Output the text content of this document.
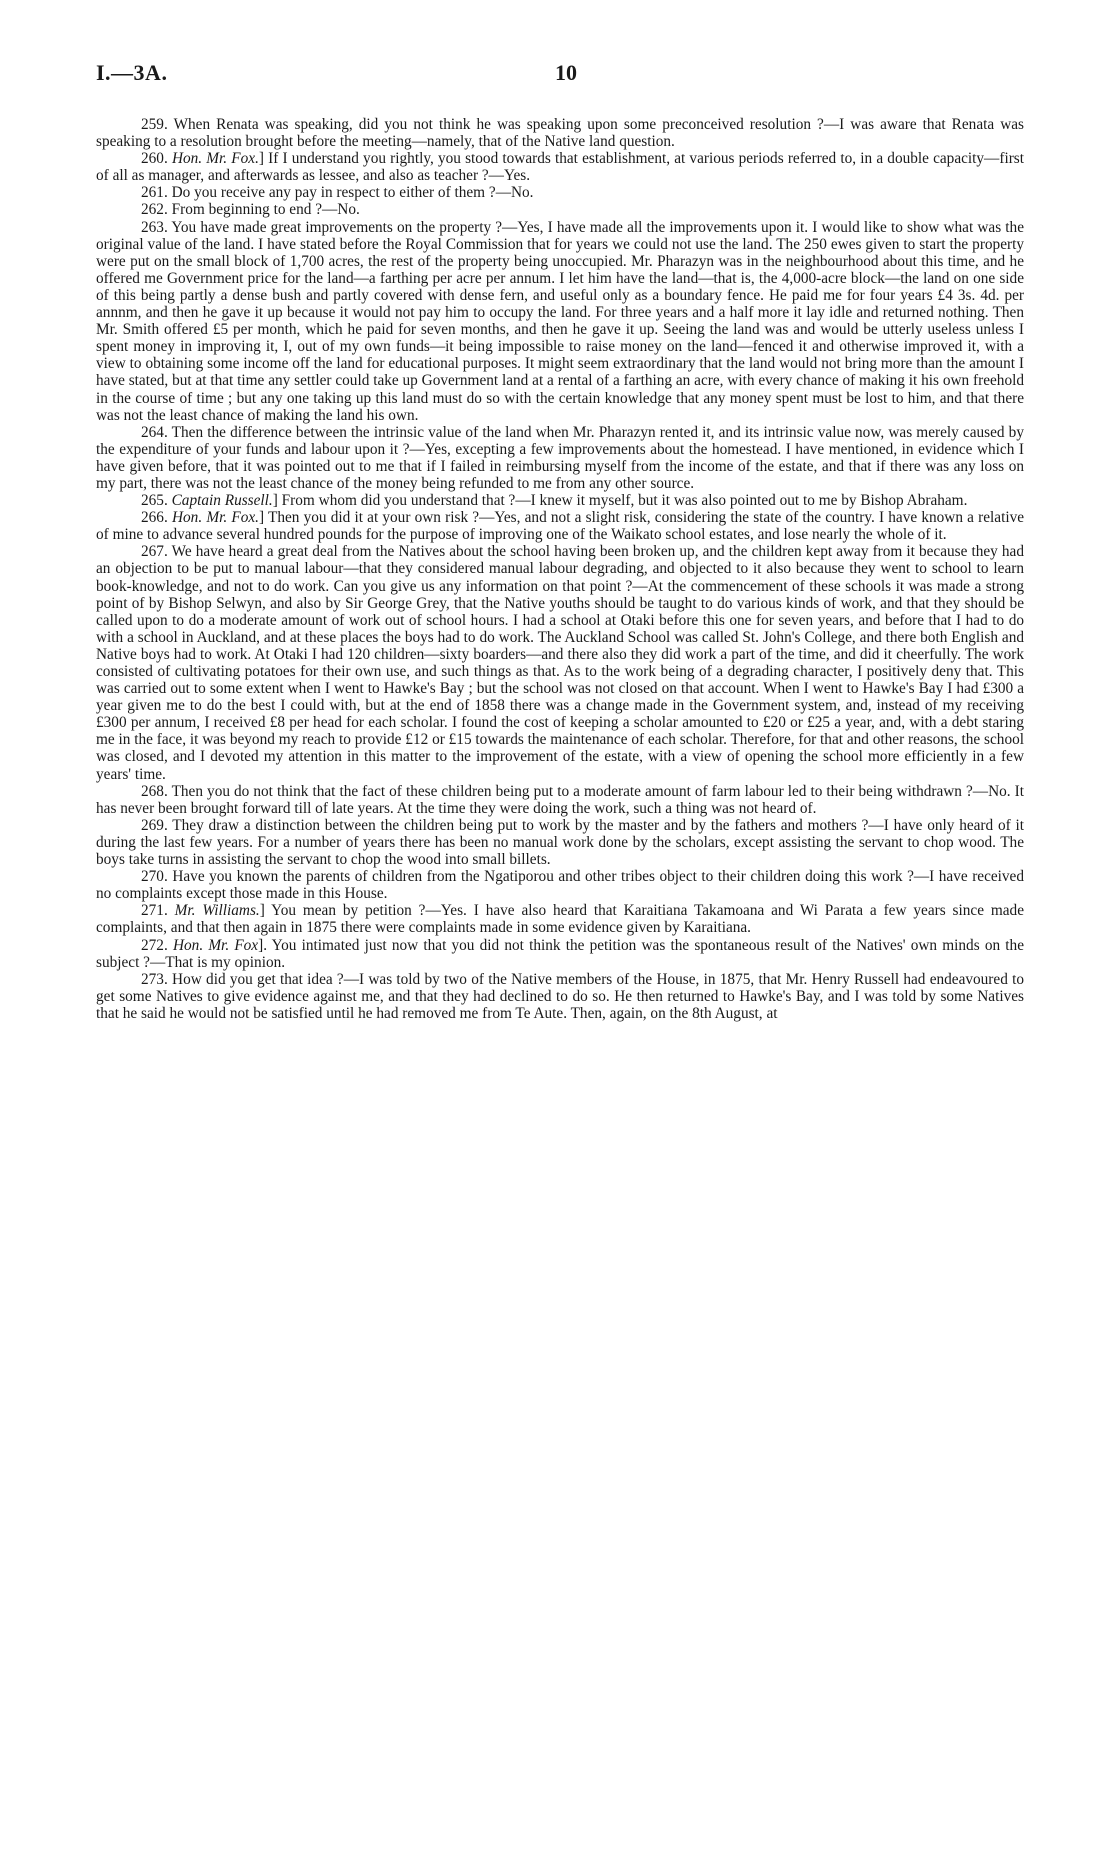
I.—3A.	10

259. When Renata was speaking, did you not think he was speaking upon some preconceived resolution ?—I was aware that Renata was speaking to a resolution brought before the meeting—namely, that of the Native land question.

260. Hon. Mr. Fox.] If I understand you rightly, you stood towards that establishment, at various periods referred to, in a double capacity—first of all as manager, and afterwards as lessee, and also as teacher ?—Yes.

261. Do you receive any pay in respect to either of them ?—No.

262. From beginning to end ?—No.

263. You have made great improvements on the property ?—Yes, I have made all the improvements upon it. I would like to show what was the original value of the land. I have stated before the Royal Commission that for years we could not use the land. The 250 ewes given to start the property were put on the small block of 1,700 acres, the rest of the property being unoccupied. Mr. Pharazyn was in the neighbourhood about this time, and he offered me Government price for the land—a farthing per acre per annum. I let him have the land—that is, the 4,000-acre block—the land on one side of this being partly a dense bush and partly covered with dense fern, and useful only as a boundary fence. He paid me for four years £4 3s. 4d. per annnm, and then he gave it up because it would not pay him to occupy the land. For three years and a half more it lay idle and returned nothing. Then Mr. Smith offered £5 per month, which he paid for seven months, and then he gave it up. Seeing the land was and would be utterly useless unless I spent money in improving it, I, out of my own funds—it being impossible to raise money on the land—fenced it and otherwise improved it, with a view to obtaining some income off the land for educational purposes. It might seem extraordinary that the land would not bring more than the amount I have stated, but at that time any settler could take up Government land at a rental of a farthing an acre, with every chance of making it his own freehold in the course of time ; but any one taking up this land must do so with the certain knowledge that any money spent must be lost to him, and that there was not the least chance of making the land his own.

264. Then the difference between the intrinsic value of the land when Mr. Pharazyn rented it, and its intrinsic value now, was merely caused by the expenditure of your funds and labour upon it ?—Yes, excepting a few improvements about the homestead. I have mentioned, in evidence which I have given before, that it was pointed out to me that if I failed in reimbursing myself from the income of the estate, and that if there was any loss on my part, there was not the least chance of the money being refunded to me from any other source.

265. Captain Russell.] From whom did you understand that ?—I knew it myself, but it was also pointed out to me by Bishop Abraham.

266. Hon. Mr. Fox.] Then you did it at your own risk ?—Yes, and not a slight risk, considering the state of the country. I have known a relative of mine to advance several hundred pounds for the purpose of improving one of the Waikato school estates, and lose nearly the whole of it.

267. We have heard a great deal from the Natives about the school having been broken up, and the children kept away from it because they had an objection to be put to manual labour—that they considered manual labour degrading, and objected to it also because they went to school to learn book-knowledge, and not to do work. Can you give us any information on that point ?—At the commencement of these schools it was made a strong point of by Bishop Selwyn, and also by Sir George Grey, that the Native youths should be taught to do various kinds of work, and that they should be called upon to do a moderate amount of work out of school hours. I had a school at Otaki before this one for seven years, and before that I had to do with a school in Auckland, and at these places the boys had to do work. The Auckland School was called St. John's College, and there both English and Native boys had to work. At Otaki I had 120 children—sixty boarders—and there also they did work a part of the time, and did it cheerfully. The work consisted of cultivating potatoes for their own use, and such things as that. As to the work being of a degrading character, I positively deny that. This was carried out to some extent when I went to Hawke's Bay ; but the school was not closed on that account. When I went to Hawke's Bay I had £300 a year given me to do the best I could with, but at the end of 1858 there was a change made in the Government system, and, instead of my receiving £300 per annum, I received £8 per head for each scholar. I found the cost of keeping a scholar amounted to £20 or £25 a year, and, with a debt staring me in the face, it was beyond my reach to provide £12 or £15 towards the maintenance of each scholar. Therefore, for that and other reasons, the school was closed, and I devoted my attention in this matter to the improvement of the estate, with a view of opening the school more efficiently in a few years' time.

268. Then you do not think that the fact of these children being put to a moderate amount of farm labour led to their being withdrawn ?—No. It has never been brought forward till of late years. At the time they were doing the work, such a thing was not heard of.

269. They draw a distinction between the children being put to work by the master and by the fathers and mothers ?—I have only heard of it during the last few years. For a number of years there has been no manual work done by the scholars, except assisting the servant to chop wood. The boys take turns in assisting the servant to chop the wood into small billets.

270. Have you known the parents of children from the Ngatiporou and other tribes object to their children doing this work ?—I have received no complaints except those made in this House.

271. Mr. Williams.] You mean by petition ?—Yes. I have also heard that Karaitiana Takamoana and Wi Parata a few years since made complaints, and that then again in 1875 there were complaints made in some evidence given by Karaitiana.

272. Hon. Mr. Fox]. You intimated just now that you did not think the petition was the spontaneous result of the Natives' own minds on the subject ?—That is my opinion.

273. How did you get that idea ?—I was told by two of the Native members of the House, in 1875, that Mr. Henry Russell had endeavoured to get some Natives to give evidence against me, and that they had declined to do so. He then returned to Hawke's Bay, and I was told by some Natives that he said he would not be satisfied until he had removed me from Te Aute. Then, again, on the 8th August, at
